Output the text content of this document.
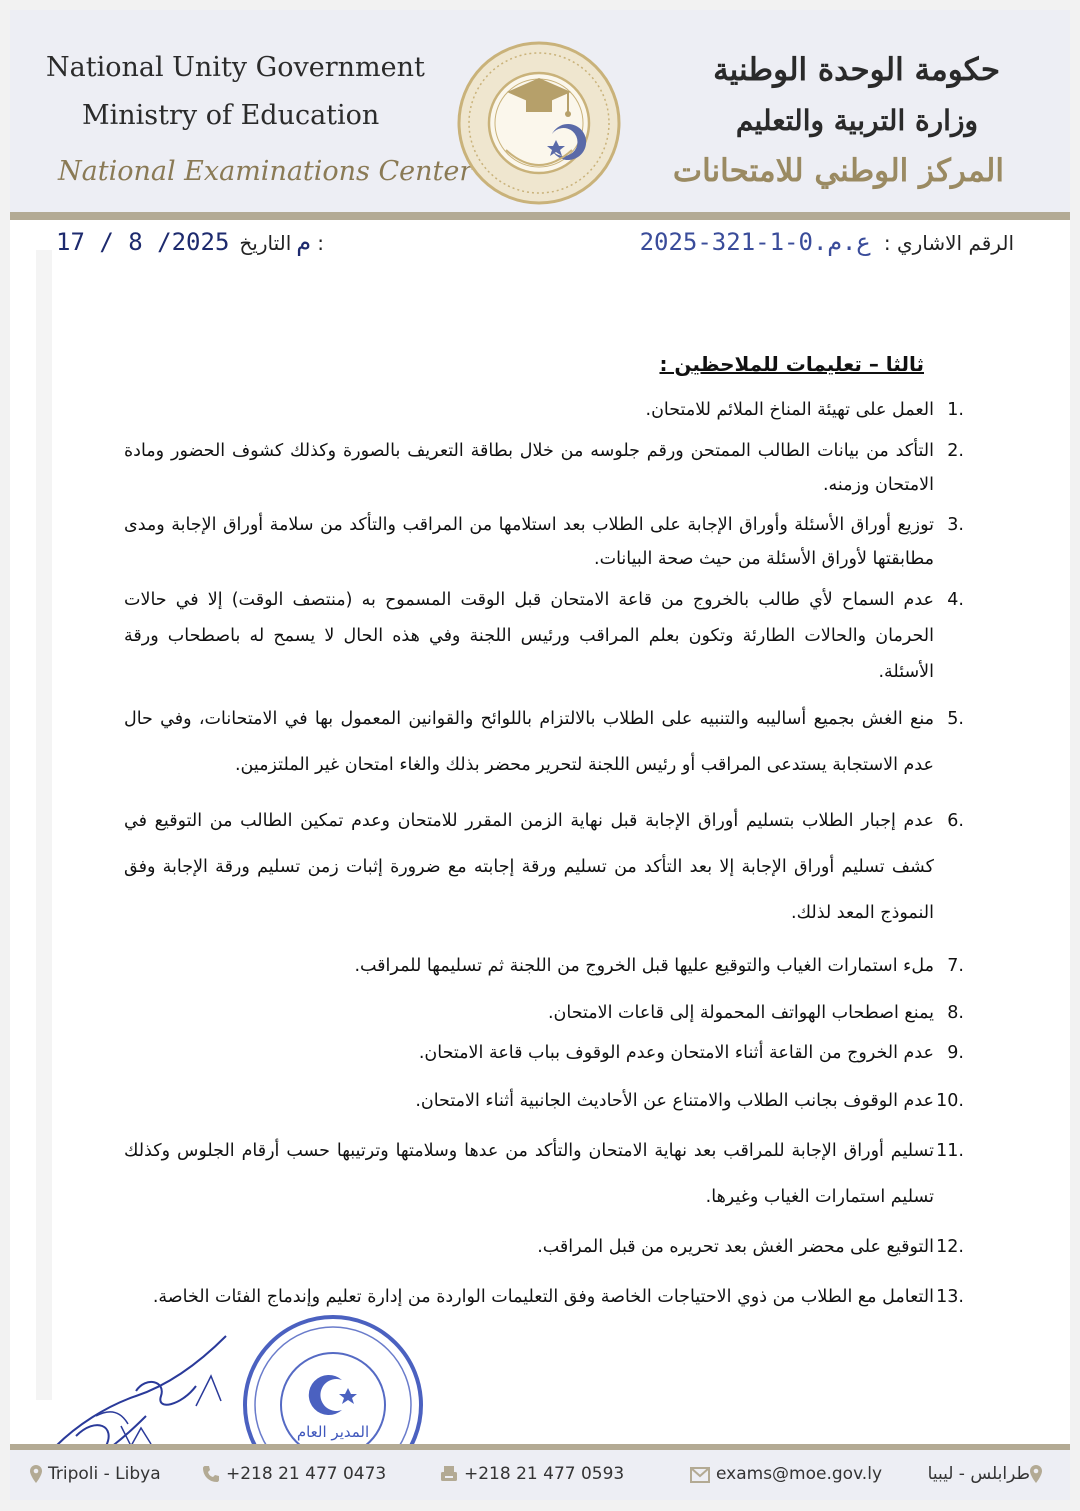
National Unity Government
Ministry of Education
National Examinations Center
حكومة الوحدة الوطنية
وزارة التربية والتعليم
المركز الوطني للامتحانات
الرقم الاشاري : 2025-321-1-0.ع.م
17 / 8 /2025م التاريخ :
ثالثا – تعليمات للملاحظين :
1.
العمل على تهيئة المناخ الملائم للامتحان.
2.
التأكد من بيانات الطالب الممتحن ورقم جلوسه من خلال بطاقة التعريف بالصورة وكذلك كشوف الحضور ومادة الامتحان وزمنه.
3.
توزيع أوراق الأسئلة وأوراق الإجابة على الطلاب بعد استلامها من المراقب والتأكد من سلامة أوراق الإجابة ومدى مطابقتها لأوراق الأسئلة من حيث صحة البيانات.
4.
عدم السماح لأي طالب بالخروج من قاعة الامتحان قبل الوقت المسموح به (منتصف الوقت) إلا في حالات الحرمان والحالات الطارئة وتكون بعلم المراقب ورئيس اللجنة وفي هذه الحال لا يسمح له باصطحاب ورقة الأسئلة.
5.
منع الغش بجميع أساليبه والتنبيه على الطلاب بالالتزام باللوائح والقوانين المعمول بها في الامتحانات، وفي حال عدم الاستجابة يستدعى المراقب أو رئيس اللجنة لتحرير محضر بذلك والغاء امتحان غير الملتزمين.
6.
عدم إجبار الطلاب بتسليم أوراق الإجابة قبل نهاية الزمن المقرر للامتحان وعدم تمكين الطالب من التوقيع في كشف تسليم أوراق الإجابة إلا بعد التأكد من تسليم ورقة إجابته مع ضرورة إثبات زمن تسليم ورقة الإجابة وفق النموذج المعد لذلك.
7.
ملء استمارات الغياب والتوقيع عليها قبل الخروج من اللجنة ثم تسليمها للمراقب.
8.
يمنع اصطحاب الهواتف المحمولة إلى قاعات الامتحان.
9.
عدم الخروج من القاعة أثناء الامتحان وعدم الوقوف بباب قاعة الامتحان.
10.
عدم الوقوف بجانب الطلاب والامتناع عن الأحاديث الجانبية أثناء الامتحان.
11.
تسليم أوراق الإجابة للمراقب بعد نهاية الامتحان والتأكد من عدها وسلامتها وترتيبها حسب أرقام الجلوس وكذلك تسليم استمارات الغياب وغيرها.
12.
التوقيع على محضر الغش بعد تحريره من قبل المراقب.
13.
التعامل مع الطلاب من ذوي الاحتياجات الخاصة وفق التعليمات الواردة من إدارة تعليم وإندماج الفئات الخاصة.
المدير العام
Tripoli - Libya	+218 21 477 0473	+218 21 477 0593	exams@moe.gov.ly	طرابلس - ليبيا
